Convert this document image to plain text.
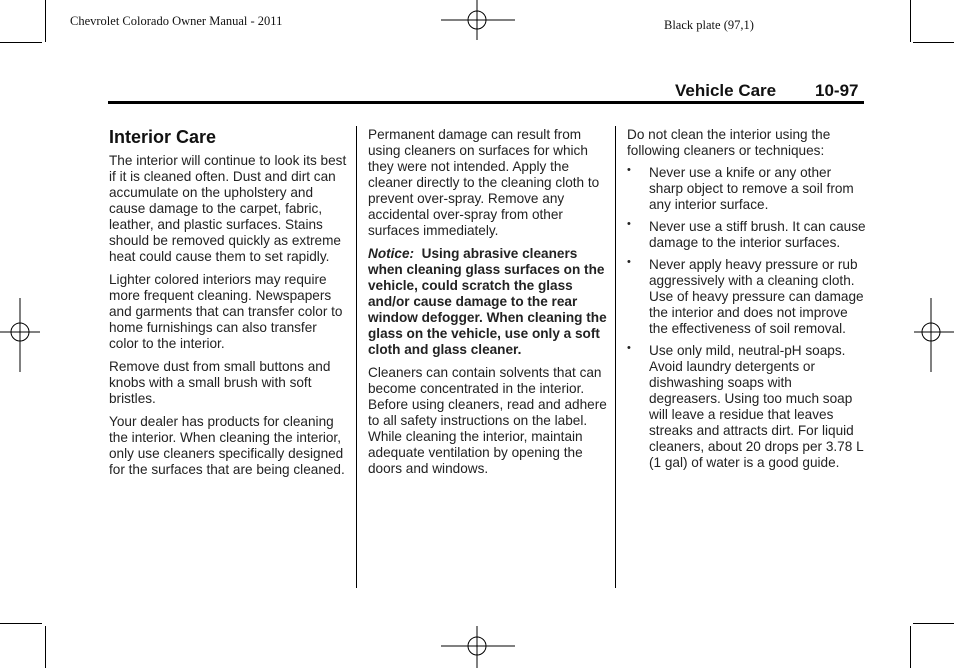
Chevrolet Colorado Owner Manual - 2011	Black plate (97,1)
Vehicle Care 10-97
Interior Care

The interior will continue to look its best if it is cleaned often. Dust and dirt can accumulate on the upholstery and cause damage to the carpet, fabric, leather, and plastic surfaces. Stains should be removed quickly as extreme heat could cause them to set rapidly.

Lighter colored interiors may require more frequent cleaning. Newspapers and garments that can transfer color to home furnishings can also transfer color to the interior.

Remove dust from small buttons and knobs with a small brush with soft bristles.

Your dealer has products for cleaning the interior. When cleaning the interior, only use cleaners specifically designed for the surfaces that are being cleaned.

Permanent damage can result from using cleaners on surfaces for which they were not intended. Apply the cleaner directly to the cleaning cloth to prevent over-spray. Remove any accidental over-spray from other surfaces immediately.

Notice: Using abrasive cleaners when cleaning glass surfaces on the vehicle, could scratch the glass and/or cause damage to the rear window defogger. When cleaning the glass on the vehicle, use only a soft cloth and glass cleaner.

Cleaners can contain solvents that can become concentrated in the interior. Before using cleaners, read and adhere to all safety instructions on the label. While cleaning the interior, maintain adequate ventilation by opening the doors and windows.

Do not clean the interior using the following cleaners or techniques:

• Never use a knife or any other sharp object to remove a soil from any interior surface.
• Never use a stiff brush. It can cause damage to the interior surfaces.
• Never apply heavy pressure or rub aggressively with a cleaning cloth. Use of heavy pressure can damage the interior and does not improve the effectiveness of soil removal.
• Use only mild, neutral-pH soaps. Avoid laundry detergents or dishwashing soaps with degreasers. Using too much soap will leave a residue that leaves streaks and attracts dirt. For liquid cleaners, about 20 drops per 3.78 L (1 gal) of water is a good guide.
